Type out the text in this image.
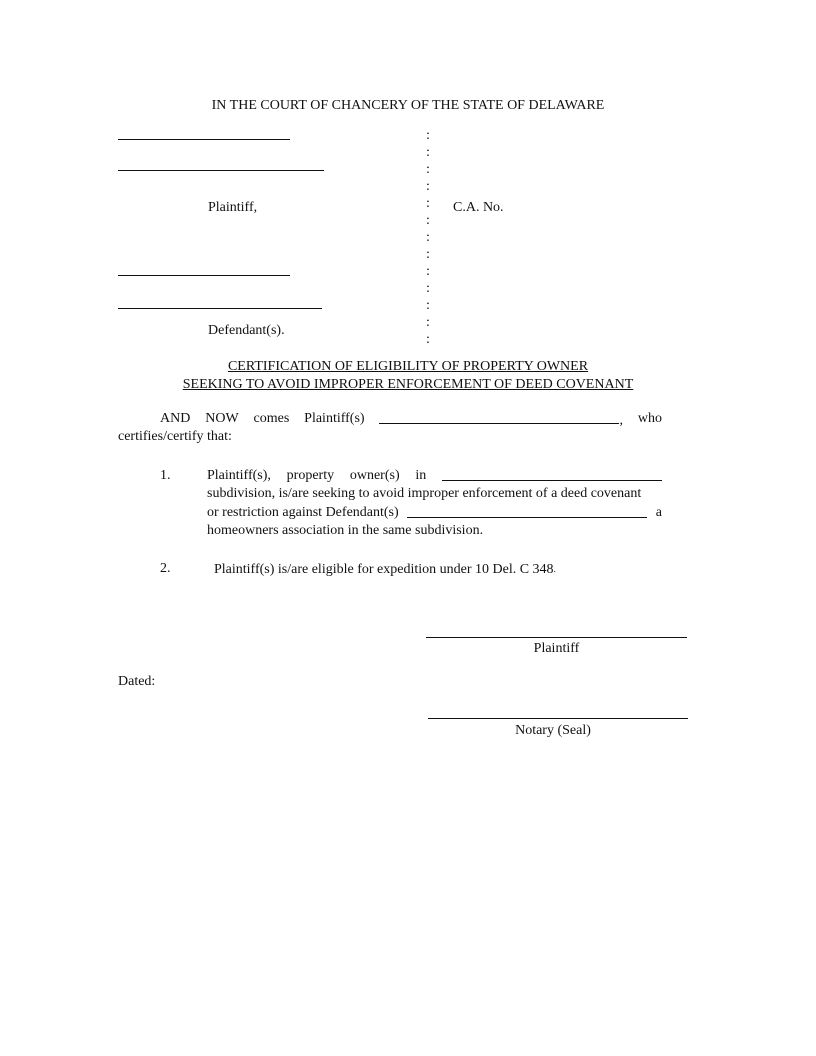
IN THE COURT OF CHANCERY OF THE STATE OF DELAWARE
Plaintiff,
Defendant(s).
:
:
:
:
:
:
:
:
:
:
:
:
:
C.A. No.
CERTIFICATION OF ELIGIBILITY OF PROPERTY OWNER
SEEKING TO AVOID IMPROPER ENFORCEMENT OF DEED COVENANT
AND NOW comes Plaintiff(s)	, who
certifies/certify that:
1.	Plaintiff(s), property owner(s) in
subdivision, is/are seeking to avoid improper enforcement of a deed covenant
or restriction against Defendant(s)	a
homeowners association in the same subdivision.
2.	Plaintiff(s) is/are eligible for expedition under 10 Del. C 348.
Plaintiff
Dated:
Notary (Seal)
